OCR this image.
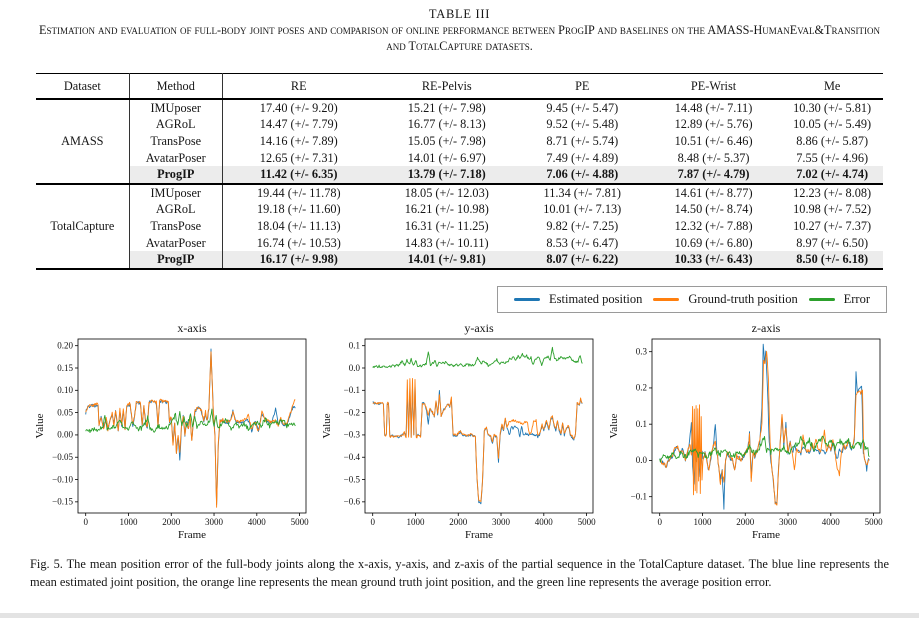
TABLE III
Estimation and evaluation of full-body joint poses and comparison of online performance between ProgIP and baselines on the AMASS-HumanEval&Transition and TotalCapture datasets.
Dataset	Method	RE	RE-Pelvis	PE	PE-Wrist	Me
AMASS	IMUposer	17.40 (+/- 9.20)	15.21 (+/- 7.98)	9.45 (+/- 5.47)	14.48 (+/- 7.11)	10.30 (+/- 5.81)
	AGRoL	14.47 (+/- 7.79)	16.77 (+/- 8.13)	9.52 (+/- 5.48)	12.89 (+/- 5.76)	10.05 (+/- 5.49)
	TransPose	14.16 (+/- 7.89)	15.05 (+/- 7.98)	8.71 (+/- 5.74)	10.51 (+/- 6.46)	8.86 (+/- 5.87)
	AvatarPoser	12.65 (+/- 7.31)	14.01 (+/- 6.97)	7.49 (+/- 4.89)	8.48 (+/- 5.37)	7.55 (+/- 4.96)
	ProgIP	11.42 (+/- 6.35)	13.79 (+/- 7.18)	7.06 (+/- 4.88)	7.87 (+/- 4.79)	7.02 (+/- 4.74)
TotalCapture	IMUposer	19.44 (+/- 11.78)	18.05 (+/- 12.03)	11.34 (+/- 7.81)	14.61 (+/- 8.77)	12.23 (+/- 8.08)
	AGRoL	19.18 (+/- 11.60)	16.21 (+/- 10.98)	10.01 (+/- 7.13)	14.50 (+/- 8.74)	10.98 (+/- 7.52)
	TransPose	18.04 (+/- 11.13)	16.31 (+/- 11.25)	9.82 (+/- 7.25)	12.32 (+/- 7.88)	10.27 (+/- 7.37)
	AvatarPoser	16.74 (+/- 10.53)	14.83 (+/- 10.11)	8.53 (+/- 6.47)	10.69 (+/- 6.80)	8.97 (+/- 6.50)
	ProgIP	16.17 (+/- 9.98)	14.01 (+/- 9.81)	8.07 (+/- 6.22)	10.33 (+/- 6.43)	8.50 (+/- 6.18)
Estimated position	Ground-truth position	Error
0.20
0.15
0.10
0.05
0.00
−0.05
−0.10
−0.15
0	1000	2000	3000	4000	5000
x-axis
Frame
Value
0.1
0.0
−0.1
−0.2
−0.3
−0.4
−0.5
−0.6
0	1000	2000	3000	4000	5000
y-axis
Frame
Value
0.3
0.2
0.1
0.0
−0.1
0	1000	2000	3000	4000	5000
z-axis
Frame
Value
Fig. 5. The mean position error of the full-body joints along the x-axis, y-axis, and z-axis of the partial sequence in the TotalCapture dataset. The blue line represents the mean estimated joint position, the orange line represents the mean ground truth joint position, and the green line represents the average position error.
